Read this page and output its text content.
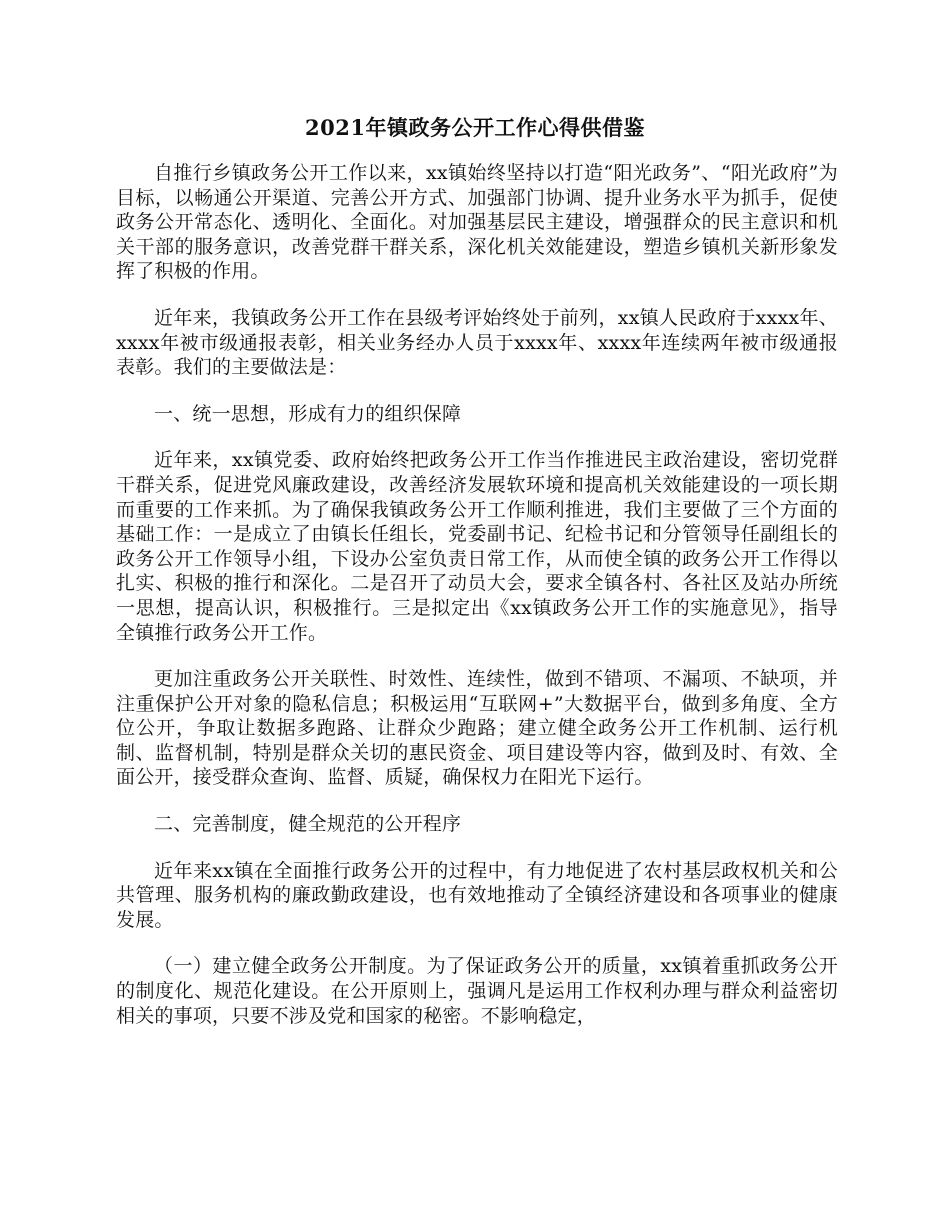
2021年镇政务公开工作心得供借鉴

自推行乡镇政务公开工作以来，xx镇始终坚持以打造“阳光政务”、“阳光政府”为目标，以畅通公开渠道、完善公开方式、加强部门协调、提升业务水平为抓手，促使政务公开常态化、透明化、全面化。对加强基层民主建设，增强群众的民主意识和机关干部的服务意识，改善党群干群关系，深化机关效能建设，塑造乡镇机关新形象发挥了积极的作用。

近年来，我镇政务公开工作在县级考评始终处于前列，xx镇人民政府于xxxx年、xxxx年被市级通报表彰，相关业务经办人员于xxxx年、xxxx年连续两年被市级通报表彰。我们的主要做法是：

一、统一思想，形成有力的组织保障

近年来，xx镇党委、政府始终把政务公开工作当作推进民主政治建设，密切党群干群关系，促进党风廉政建设，改善经济发展软环境和提高机关效能建设的一项长期而重要的工作来抓。为了确保我镇政务公开工作顺利推进，我们主要做了三个方面的基础工作：一是成立了由镇长任组长，党委副书记、纪检书记和分管领导任副组长的政务公开工作领导小组，下设办公室负责日常工作，从而使全镇的政务公开工作得以扎实、积极的推行和深化。二是召开了动员大会，要求全镇各村、各社区及站办所统一思想，提高认识，积极推行。三是拟定出《xx镇政务公开工作的实施意见》，指导全镇推行政务公开工作。

更加注重政务公开关联性、时效性、连续性，做到不错项、不漏项、不缺项，并注重保护公开对象的隐私信息；积极运用“互联网+”大数据平台，做到多角度、全方位公开，争取让数据多跑路、让群众少跑路；建立健全政务公开工作机制、运行机制、监督机制，特别是群众关切的惠民资金、项目建设等内容，做到及时、有效、全面公开，接受群众查询、监督、质疑，确保权力在阳光下运行。

二、完善制度，健全规范的公开程序

近年来xx镇在全面推行政务公开的过程中，有力地促进了农村基层政权机关和公共管理、服务机构的廉政勤政建设，也有效地推动了全镇经济建设和各项事业的健康发展。

（一）建立健全政务公开制度。为了保证政务公开的质量，xx镇着重抓政务公开的制度化、规范化建设。在公开原则上，强调凡是运用工作权利办理与群众利益密切相关的事项，只要不涉及党和国家的秘密。不影响稳定，
